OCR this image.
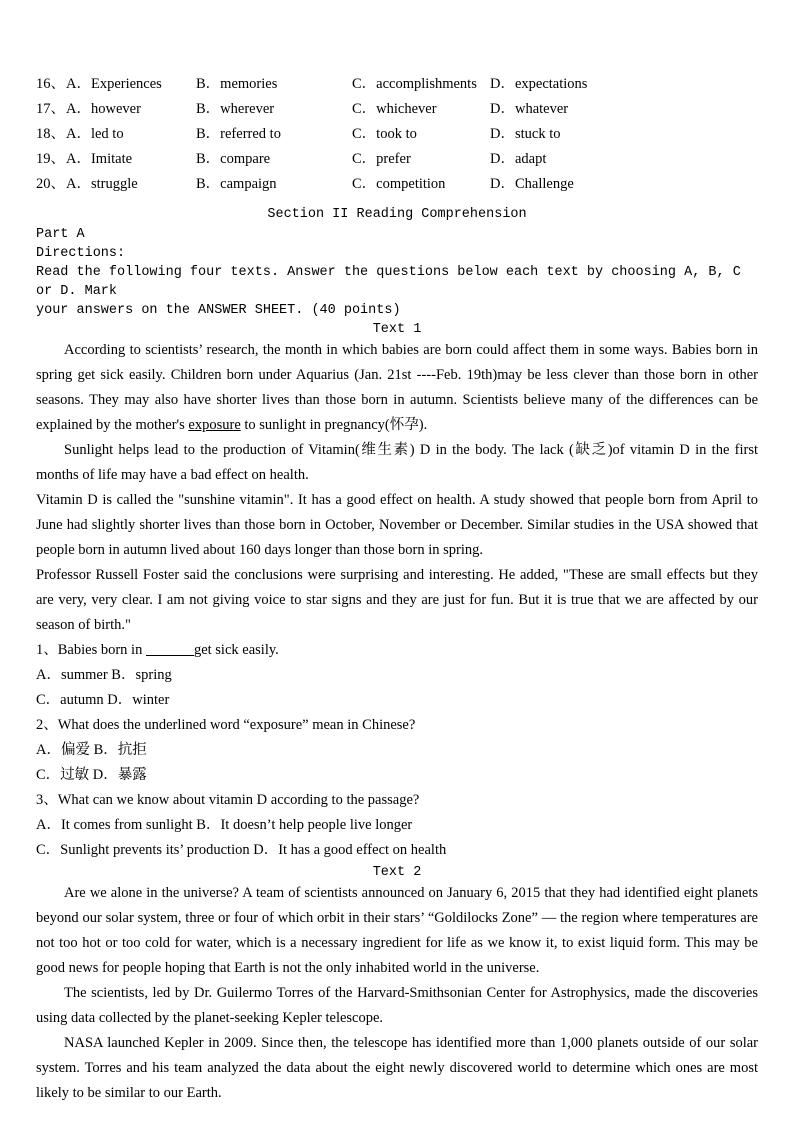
16、 A．Experiences	B．memories	C．accomplishments D．expectations
17、 A．however	B．wherever	C．whichever	D．whatever
18、 A．led to	B．referred to	C．took to	D．stuck to
19、 A．Imitate	B．compare	C．prefer	D．adapt
20、 A．struggle	B．campaign	C．competition	D．Challenge
Section II Reading Comprehension
Part A
Directions:
Read the following four texts. Answer the questions below each text by choosing A, B, C or D. Mark
your answers on the ANSWER SHEET. (40 points)
Text 1

According to scientists’ research, the month in which babies are born could affect them in some ways. Babies born in spring get sick easily. Children born under Aquarius (Jan. 21st ----Feb. 19th)may be less clever than those born in other seasons. They may also have shorter lives than those born in autumn. Scientists believe many of the differences can be explained by the mother's exposure to sunlight in pregnancy(怀孕).

Sunlight helps lead to the production of Vitamin(维生素) D in the body. The lack (缺乏)of vitamin D in the first months of life may have a bad effect on health.

Vitamin D is called the "sunshine vitamin". It has a good effect on health. A study showed that people born from April to June had slightly shorter lives than those born in October, November or December. Similar studies in the USA showed that people born in autumn lived about 160 days longer than those born in spring.

Professor Russell Foster said the conclusions were surprising and interesting. He added, "These are small effects but they are very, very clear. I am not giving voice to star signs and they are just for fun. But it is true that we are affected by our season of birth."

1、Babies born in	get sick easily.
A．summer B．spring
C．autumn D．winter
2、What does the underlined word “exposure” mean in Chinese?
A．偏爱 B．抗拒
C．过敏 D．暴露
3、What can we know about vitamin D according to the passage?
A．It comes from sunlight B．It doesn’t help people live longer
C．Sunlight prevents its’ production D．It has a good effect on health
Text 2

Are we alone in the universe? A team of scientists announced on January 6, 2015 that they had identified eight planets beyond our solar system, three or four of which orbit in their stars’ “Goldilocks Zone” — the region where temperatures are not too hot or too cold for water, which is a necessary ingredient for life as we know it, to exist liquid form. This may be good news for people hoping that Earth is not the only inhabited world in the universe.

The scientists, led by Dr. Guilermo Torres of the Harvard-Smithsonian Center for Astrophysics, made the discoveries using data collected by the planet-seeking Kepler telescope.

NASA launched Kepler in 2009. Since then, the telescope has identified more than 1,000 planets outside of our solar system. Torres and his team analyzed the data about the eight newly discovered world to determine which ones are most likely to be similar to our Earth.
